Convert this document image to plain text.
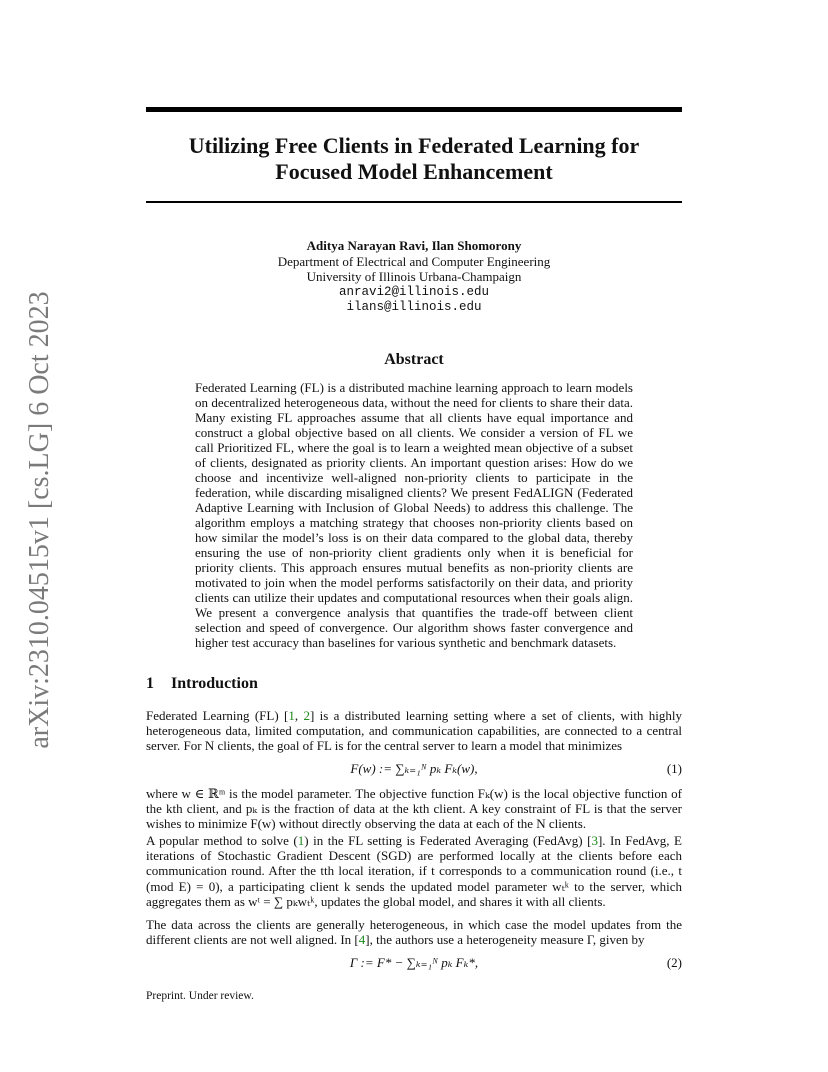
arXiv:2310.04515v1 [cs.LG] 6 Oct 2023
Utilizing Free Clients in Federated Learning for
Focused Model Enhancement
Aditya Narayan Ravi, Ilan Shomorony
Department of Electrical and Computer Engineering
University of Illinois Urbana-Champaign
anravi2@illinois.edu
ilans@illinois.edu
Abstract

Federated Learning (FL) is a distributed machine learning approach to learn models on decentralized heterogeneous data, without the need for clients to share their data. Many existing FL approaches assume that all clients have equal importance and construct a global objective based on all clients. We consider a version of FL we call Prioritized FL, where the goal is to learn a weighted mean objective of a subset of clients, designated as priority clients. An important question arises: How do we choose and incentivize well-aligned non-priority clients to participate in the federation, while discarding misaligned clients? We present FedALIGN (Federated Adaptive Learning with Inclusion of Global Needs) to address this challenge. The algorithm employs a matching strategy that chooses non-priority clients based on how similar the model’s loss is on their data compared to the global data, thereby ensuring the use of non-priority client gradients only when it is beneficial for priority clients. This approach ensures mutual benefits as non-priority clients are motivated to join when the model performs satisfactorily on their data, and priority clients can utilize their updates and computational resources when their goals align. We present a convergence analysis that quantifies the trade-off between client selection and speed of convergence. Our algorithm shows faster convergence and higher test accuracy than baselines for various synthetic and benchmark datasets.

1 Introduction

Federated Learning (FL) [1, 2] is a distributed learning setting where a set of clients, with highly heterogeneous data, limited computation, and communication capabilities, are connected to a central server. For N clients, the goal of FL is for the central server to learn a model that minimizes

F(w) := ∑ₖ₌₁ᴺ pₖ Fₖ(w),	(1)

where w ∈ ℝᵐ is the model parameter. The objective function Fₖ(w) is the local objective function of the kth client, and pₖ is the fraction of data at the kth client. A key constraint of FL is that the server wishes to minimize F(w) without directly observing the data at each of the N clients.

A popular method to solve (1) in the FL setting is Federated Averaging (FedAvg) [3]. In FedAvg, E iterations of Stochastic Gradient Descent (SGD) are performed locally at the clients before each communication round. After the tth local iteration, if t corresponds to a communication round (i.e., t (mod E) = 0), a participating client k sends the updated model parameter wₜᵏ to the server, which aggregates them as wᵗ = ∑ pₖwₜᵏ, updates the global model, and shares it with all clients.

The data across the clients are generally heterogeneous, in which case the model updates from the different clients are not well aligned. In [4], the authors use a heterogeneity measure Γ, given by

Γ := F* − ∑ₖ₌₁ᴺ pₖ Fₖ*,	(2)
Preprint. Under review.
